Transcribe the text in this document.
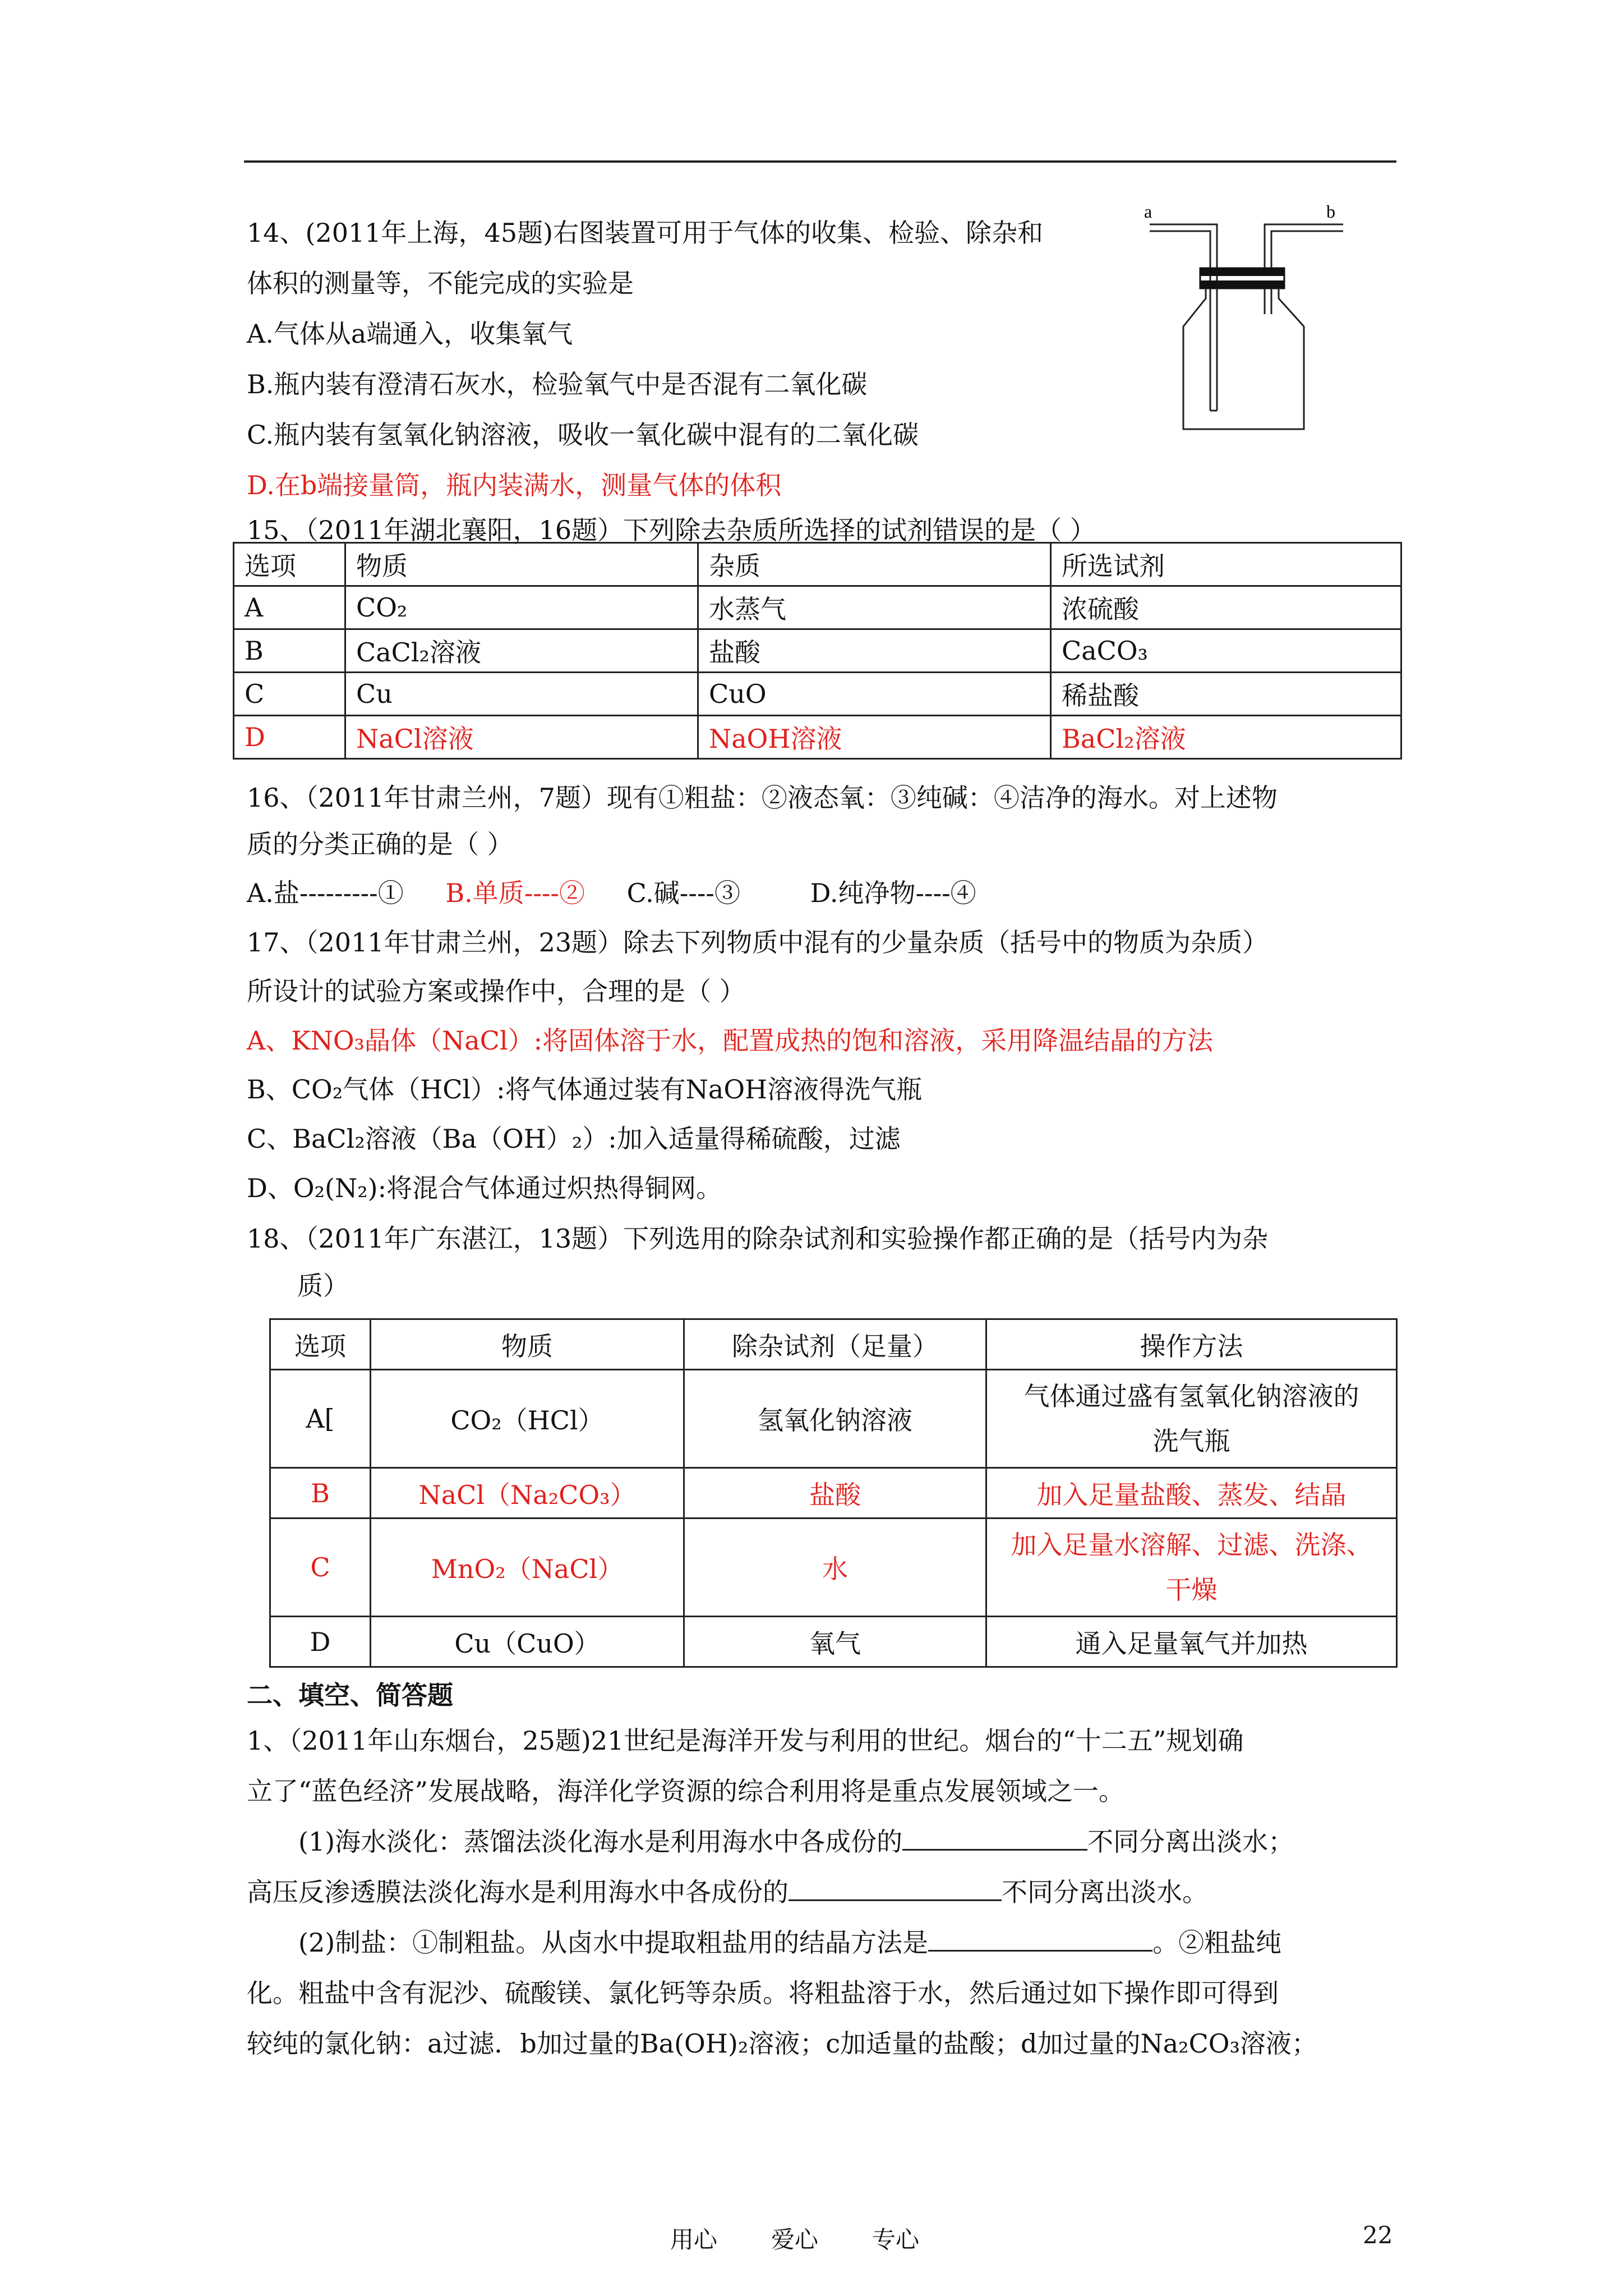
14、(2011年上海，45题)右图装置可用于气体的收集、检验、除杂和

体积的测量等，不能完成的实验是

A.气体从a端通入，收集氧气

B.瓶内装有澄清石灰水，检验氧气中是否混有二氧化碳

C.瓶内装有氢氧化钠溶液，吸收一氧化碳中混有的二氧化碳

D.在b端接量筒，瓶内装满水，测量气体的体积

a	b
15、（2011年湖北襄阳，16题）下列除去杂质所选择的试剂错误的是（ ）
选项	物质	杂质	所选试剂
A	CO₂	水蒸气	浓硫酸
B	CaCl₂溶液	盐酸	CaCO₃
C	Cu	CuO	稀盐酸
D	NaCl溶液	NaOH溶液	BaCl₂溶液
16、（2011年甘肃兰州，7题）现有①粗盐：②液态氧：③纯碱：④洁净的海水。对上述物
质的分类正确的是（ ）
A.盐---------① B.单质----② C.碱----③	D.纯净物----④
17、（2011年甘肃兰州，23题）除去下列物质中混有的少量杂质（括号中的物质为杂质）
所设计的试验方案或操作中，合理的是（ ）
A、KNO₃晶体（NaCl）:将固体溶于水，配置成热的饱和溶液，采用降温结晶的方法
B、CO₂气体（HCl）:将气体通过装有NaOH溶液得洗气瓶
C、BaCl₂溶液（Ba（OH）₂）:加入适量得稀硫酸，过滤
D、O₂(N₂):将混合气体通过炽热得铜网。
18、（2011年广东湛江，13题）下列选用的除杂试剂和实验操作都正确的是（括号内为杂
质）
选项	物质	除杂试剂（足量）	操作方法
A[	CO₂（HCl）	氢氧化钠溶液	气体通过盛有氢氧化钠溶液的
洗气瓶

B	NaCl（Na₂CO₃）	盐酸	加入足量盐酸、蒸发、结晶
C	MnO₂（NaCl）	水	加入足量水溶解、过滤、洗涤、
干燥

D	Cu（CuO）	氧气	通入足量氧气并加热
二、填空、简答题

1、（2011年山东烟台，25题)21世纪是海洋开发与利用的世纪。烟台的“十二五”规划确

立了“蓝色经济”发展战略，海洋化学资源的综合利用将是重点发展领域之一。

(1)海水淡化：蒸馏法淡化海水是利用海水中各成份的	不同分离出淡水；

高压反渗透膜法淡化海水是利用海水中各成份的	不同分离出淡水。

(2)制盐：①制粗盐。从卤水中提取粗盐用的结晶方法是	。②粗盐纯

化。粗盐中含有泥沙、硫酸镁、氯化钙等杂质。将粗盐溶于水，然后通过如下操作即可得到

较纯的氯化钠：a过滤．b加过量的Ba(OH)₂溶液；c加适量的盐酸；d加过量的Na₂CO₃溶液；

用心 爱心 专心	22
